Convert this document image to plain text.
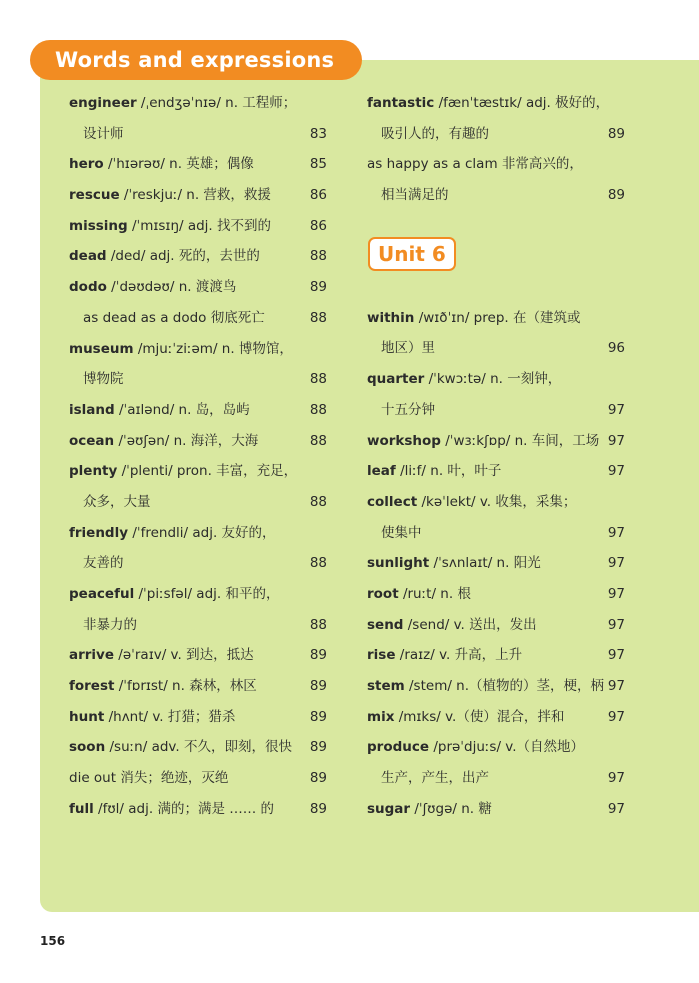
Words and expressions
engineer /ˌendʒəˈnɪə/ n. 工程师；
设计师	83
hero /ˈhɪərəʊ/ n. 英雄；偶像	85
rescue /ˈreskjuː/ n. 营救，救援	86
missing /ˈmɪsɪŋ/ adj. 找不到的	86
dead /ded/ adj. 死的，去世的	88
dodo /ˈdəʊdəʊ/ n. 渡渡鸟	89
as dead as a dodo 彻底死亡	88
museum /mjuːˈziːəm/ n. 博物馆，
博物院	88
island /ˈaɪlənd/ n. 岛，岛屿	88
ocean /ˈəʊʃən/ n. 海洋，大海	88
plenty /ˈplenti/ pron. 丰富，充足，
众多，大量	88
friendly /ˈfrendli/ adj. 友好的，
友善的	88
peaceful /ˈpiːsfəl/ adj. 和平的，
非暴力的	88
arrive /əˈraɪv/ v. 到达，抵达	89
forest /ˈfɒrɪst/ n. 森林，林区	89
hunt /hʌnt/ v. 打猎；猎杀	89
soon /suːn/ adv. 不久，即刻，很快 89
die out 消失；绝迹，灭绝	89
full /fʊl/ adj. 满的；满是 …… 的	89
fantastic /fænˈtæstɪk/ adj. 极好的，
吸引人的，有趣的	89
as happy as a clam 非常高兴的，
相当满足的	89
Unit 6
within /wɪðˈɪn/ prep. 在（建筑或
地区）里	96
quarter /ˈkwɔːtə/ n. 一刻钟，
十五分钟	97
workshop /ˈwɜːkʃɒp/ n. 车间，工场 97
leaf /liːf/ n. 叶，叶子	97
collect /kəˈlekt/ v. 收集，采集；
使集中	97
sunlight /ˈsʌnlaɪt/ n. 阳光	97
root /ruːt/ n. 根	97
send /send/ v. 送出，发出	97
rise /raɪz/ v. 升高，上升	97
stem /stem/ n.（植物的）茎，梗，柄 97
mix /mɪks/ v.（使）混合，拌和	97
produce /prəˈdjuːs/ v.（自然地）
生产，产生，出产	97
sugar /ˈʃʊgə/ n. 糖	97
156
